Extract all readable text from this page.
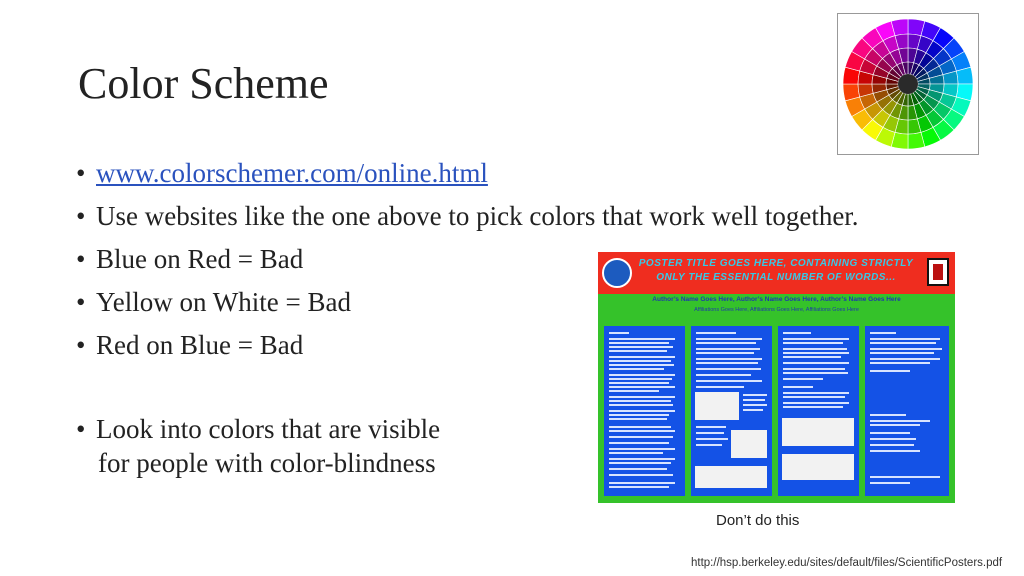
Color Scheme
• www.colorschemer.com/online.html
• Use websites like the one above to pick colors that work well together.
• Blue on Red = Bad
• Yellow on White = Bad
• Red on Blue = Bad
• Look into colors that are visible
for people with color-blindness
POSTER TITLE GOES HERE, CONTAINING STRICTLY
ONLY THE ESSENTIAL NUMBER OF WORDS...
Author’s Name Goes Here, Author’s Name Goes Here, Author’s Name Goes Here
Affiliations Goes Here, Affiliations Goes Here, Affiliations Goes Here
Don’t do this
http://hsp.berkeley.edu/sites/default/files/ScientificPosters.pdf
